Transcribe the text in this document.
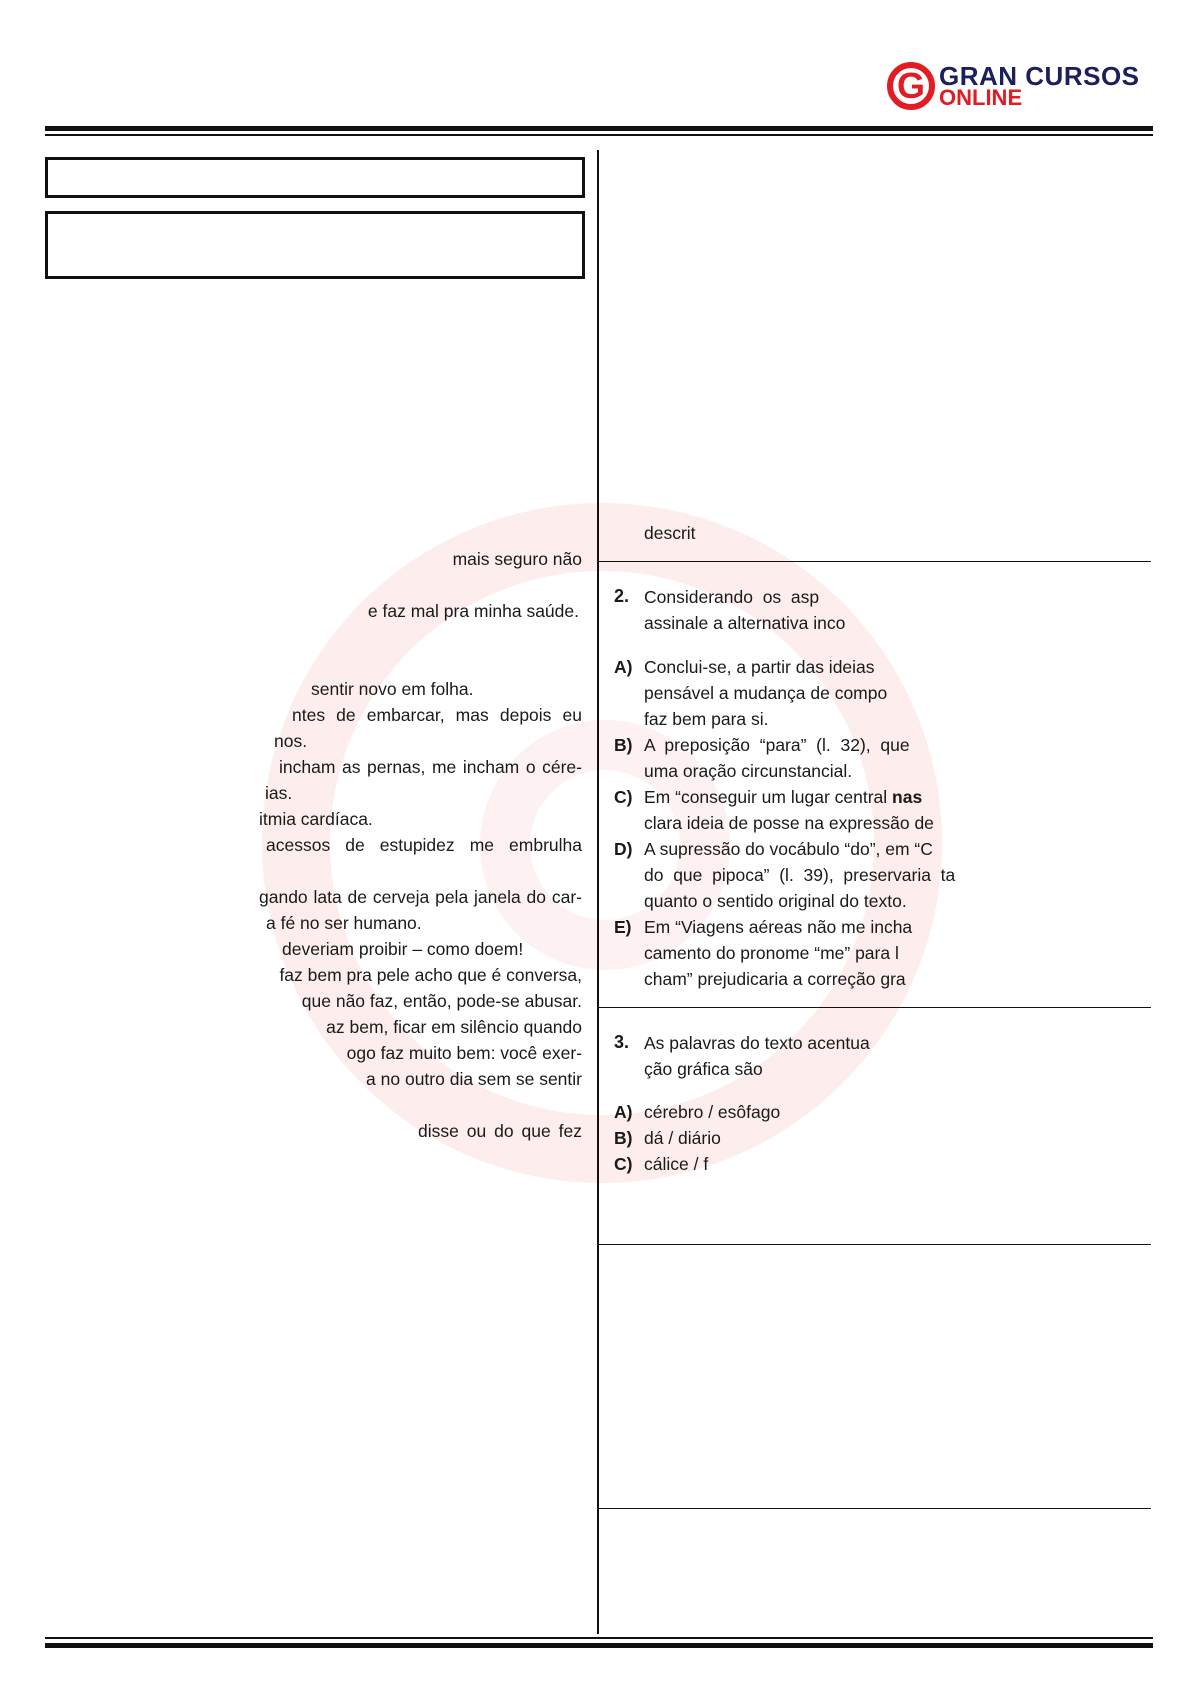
G GRAN CURSOS
ONLINE
mais seguro não
e faz mal pra minha saúde.
sentir novo em folha.
ntes de embarcar, mas depois eu
nos.
incham as pernas, me incham o cére-
ias.
itmia cardíaca.
acessos de estupidez me embrulha
gando lata de cerveja pela janela do car-
a fé no ser humano.
deveriam proibir – como doem!
faz bem pra pele acho que é conversa,
que não faz, então, pode-se abusar.
az bem, ficar em silêncio quando
ogo faz muito bem: você exer-
a no outro dia sem se sentir
disse ou do que fez
descrit
2. Considerando  os  asp
assinale a alternativa inco
A) Conclui-se, a partir das ideias
pensável a mudança de compo
faz bem para si.
B) A  preposição  “para”  (l.  32),  que
uma oração circunstancial.
C) Em “conseguir um lugar central nas
clara ideia de posse na expressão de
D) A supressão do vocábulo “do”, em “C
do  que  pipoca”  (l.  39),  preservaria  ta
quanto o sentido original do texto.
E) Em “Viagens aéreas não me incha
camento do pronome “me” para l
cham” prejudicaria a correção gra
3. As palavras do texto acentua
ção gráfica são
A) cérebro / esôfago
B) dá / diário
C) cálice / f
